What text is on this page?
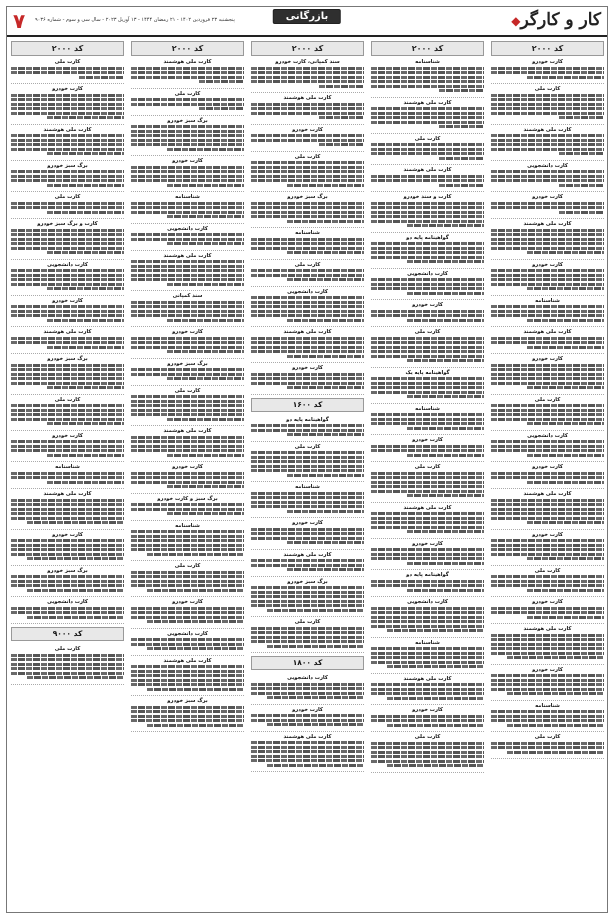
کار و کارگر◆
بازرگانی
پنجشنبه ۲۳ فروردین ۱۴۰۲ - ۲۱ رمضان ۱۴۴۴ - ۱۳ آوریل ۲۰۲۳ - سال سی و سوم - شماره ۹۰۳۶
۷
کد ۲۰۰۰
کارت خودرو
کارت ملی
کارت ملی هوشمند
کارت دانشجویی
کارت خودرو
کارت ملی هوشمند
کارت خودرو
شناسنامه
کارت ملی هوشمند
کارت خودرو
کارت ملی
کارت دانشجویی
کارت خودرو
کارت ملی هوشمند
کارت خودرو
کارت ملی
کارت خودرو
کارت ملی هوشمند
کارت خودرو
شناسنامه
کارت ملی
کد ۲۰۰۰
شناسنامه
کارت ملی هوشمند
کارت ملی
کارت ملی هوشمند
کارت و سند خودرو
گواهینامه پایه دو
کارت دانشجویی
کارت خودرو
کارت ملی
گواهینامه پایه یک
شناسنامه
کارت خودرو
کارت ملی
کارت ملی هوشمند
کارت خودرو
گواهینامه پایه دو
کارت دانشجویی
شناسنامه
کارت ملی هوشمند
کارت خودرو
کارت ملی
کد ۲۰۰۰
سند کمپانی، کارت خودرو
کارت ملی هوشمند
کارت خودرو
کارت ملی
برگ سبز خودرو
شناسنامه
کارت ملی
کارت دانشجویی
کارت ملی هوشمند
کارت خودرو
کد ۱۶۰۰
گواهینامه پایه دو
کارت ملی
شناسنامه
کارت خودرو
کارت ملی هوشمند
برگ سبز خودرو
کارت ملی
کد ۱۸۰۰
کارت دانشجویی
کارت خودرو
کارت ملی هوشمند
کد ۲۰۰۰
کارت ملی هوشمند
کارت ملی
برگ سبز خودرو
کارت خودرو
شناسنامه
کارت دانشجویی
کارت ملی هوشمند
سند کمپانی
کارت خودرو
برگ سبز خودرو
کارت ملی
کارت ملی هوشمند
کارت خودرو
برگ سبز و کارت خودرو
شناسنامه
کارت ملی
کارت خودرو
کارت دانشجویی
کارت ملی هوشمند
برگ سبز خودرو
کد ۲۰۰۰
کارت ملی
کارت خودرو
کارت ملی هوشمند
برگ سبز خودرو
کارت ملی
کارت و برگ سبز خودرو
کارت دانشجویی
کارت خودرو
کارت ملی هوشمند
برگ سبز خودرو
کارت ملی
کارت خودرو
شناسنامه
کارت ملی هوشمند
کارت خودرو
برگ سبز خودرو
کارت دانشجویی
کد ۹۰۰۰
کارت ملی
